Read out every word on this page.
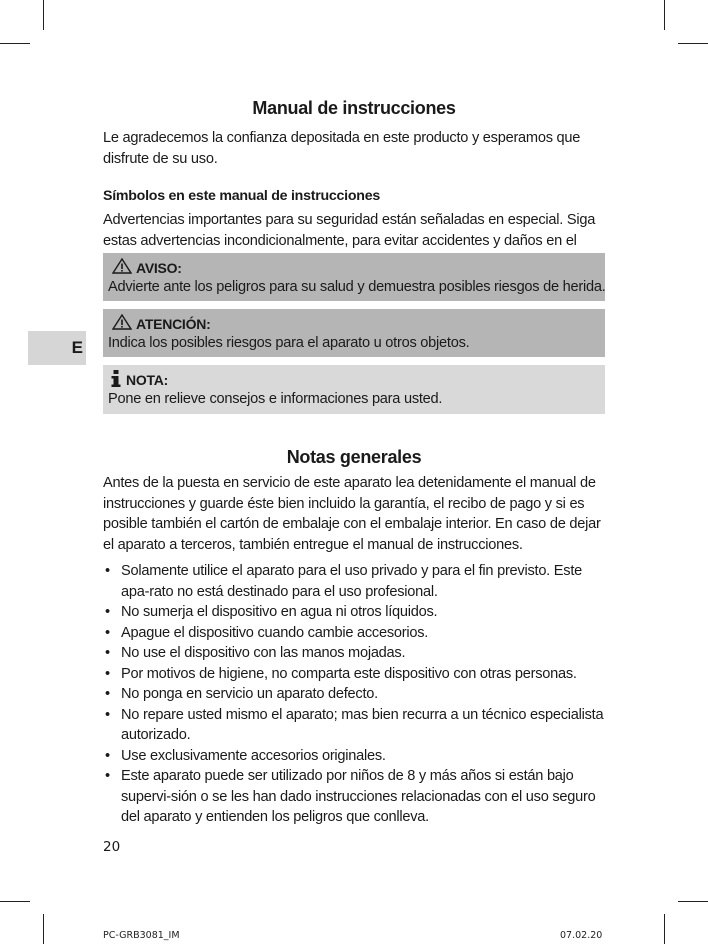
E
Manual de instrucciones

Le agradecemos la confianza depositada en este producto y esperamos que disfrute de su uso.

Símbolos en este manual de instrucciones

Advertencias importantes para su seguridad están señaladas en especial. Siga estas advertencias incondicionalmente, para evitar accidentes y daños en el

AVISO:
Advierte ante los peligros para su salud y demuestra posibles riesgos de herida.
ATENCIÓN:
Indica los posibles riesgos para el aparato u otros objetos.
NOTA:
Pone en relieve consejos e informaciones para usted.
Notas generales

Antes de la puesta en servicio de este aparato lea detenidamente el manual de instrucciones y guarde éste bien incluido la garantía, el recibo de pago y si es posible también el cartón de embalaje con el embalaje interior. En caso de dejar el aparato a terceros, también entregue el manual de instrucciones.

• Solamente utilice el aparato para el uso privado y para el fin previsto. Este apa-rato no está destinado para el uso profesional.
• No sumerja el dispositivo en agua ni otros líquidos.
• Apague el dispositivo cuando cambie accesorios.
• No use el dispositivo con las manos mojadas.
• Por motivos de higiene, no comparta este dispositivo con otras personas.
• No ponga en servicio un aparato defecto.
• No repare usted mismo el aparato; mas bien recurra a un técnico especialista autorizado.
• Use exclusivamente accesorios originales.
• Este aparato puede ser utilizado por niños de 8 y más años si están bajo supervi-sión o se les han dado instrucciones relacionadas con el uso seguro del aparato y entienden los peligros que conlleva.
20
PC-GRB3081_IM	07.02.20
